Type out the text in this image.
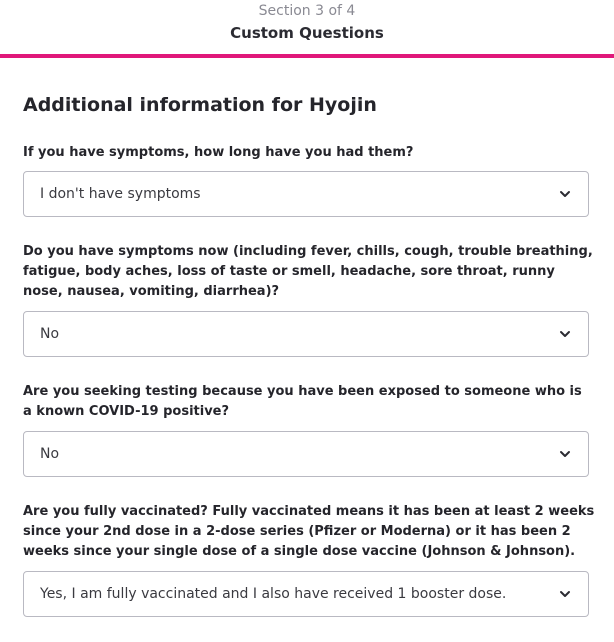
Section 3 of 4
Custom Questions
Additional information for Hyojin
If you have symptoms, how long have you had them?
I don't have symptoms
Do you have symptoms now (including fever, chills, cough, trouble breathing, fatigue, body aches, loss of taste or smell, headache, sore throat, runny nose, nausea, vomiting, diarrhea)?
No
Are you seeking testing because you have been exposed to someone who is a known COVID-19 positive?
No
Are you fully vaccinated? Fully vaccinated means it has been at least 2 weeks since your 2nd dose in a 2-dose series (Pfizer or Moderna) or it has been 2 weeks since your single dose of a single dose vaccine (Johnson & Johnson).
Yes, I am fully vaccinated and I also have received 1 booster dose.
